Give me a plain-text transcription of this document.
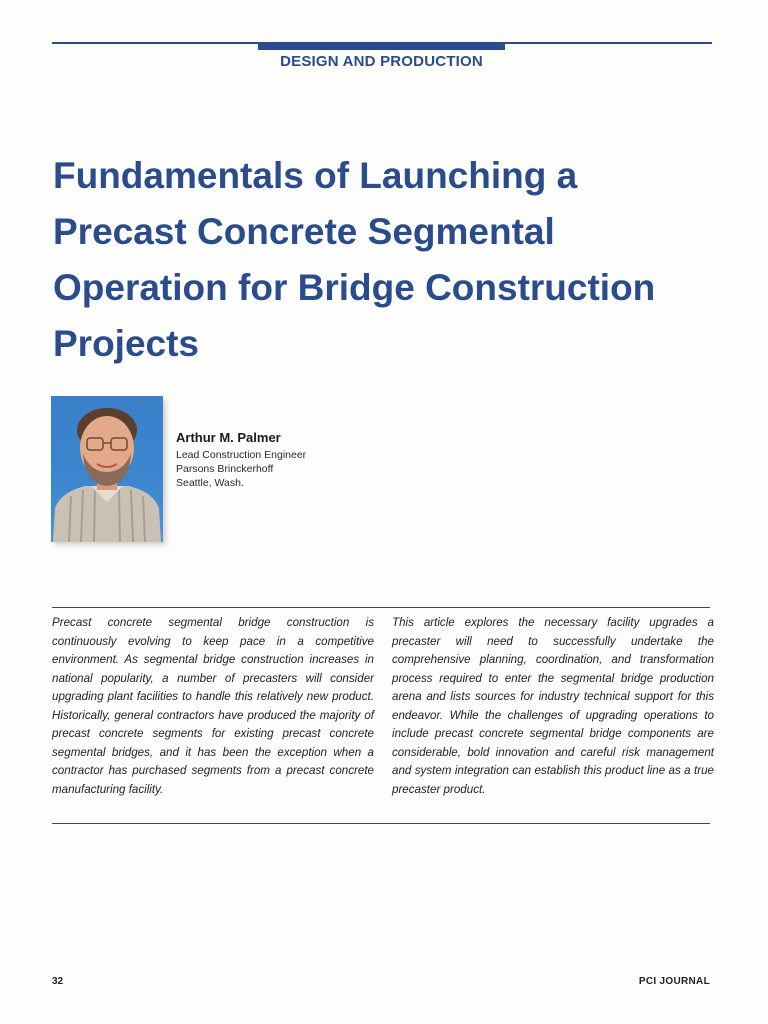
DESIGN AND PRODUCTION
Fundamentals of Launching a Precast Concrete Segmental Operation for Bridge Construction Projects
Arthur M. Palmer
Lead Construction Engineer
Parsons Brinckerhoff
Seattle, Wash.
Precast concrete segmental bridge construction is continuously evolving to keep pace in a competitive environment. As segmental bridge construction increases in national popularity, a number of precasters will consider upgrading plant facilities to handle this relatively new product. Historically, general contractors have produced the majority of precast concrete segments for existing precast concrete segmental bridges, and it has been the exception when a contractor has purchased segments from a precast concrete manufacturing facility.
This article explores the necessary facility upgrades a precaster will need to successfully undertake the comprehensive planning, coordination, and transformation process required to enter the segmental bridge production arena and lists sources for industry technical support for this endeavor. While the challenges of upgrading operations to include precast concrete segmental bridge components are considerable, bold innovation and careful risk management and system integration can establish this product line as a true precaster product.
32	PCI JOURNAL
